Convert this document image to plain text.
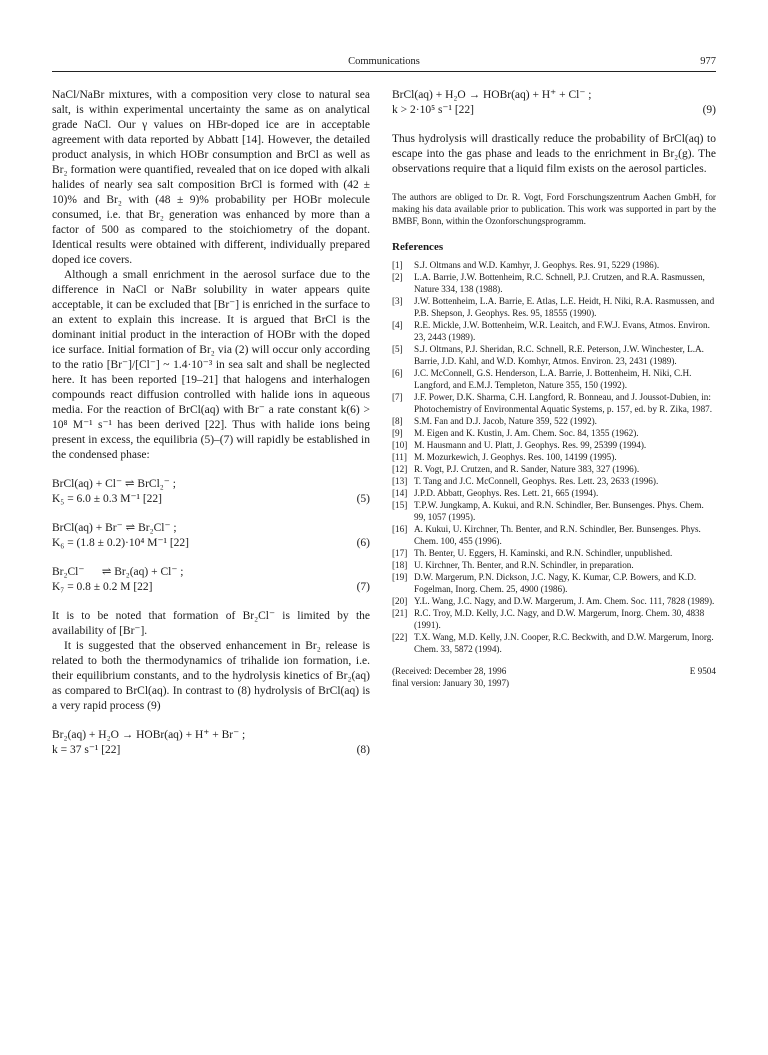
Communications	977

NaCl/NaBr mixtures, with a composition very close to natural sea salt, is within experimental uncertainty the same as on analytical grade NaCl. Our γ values on HBr-doped ice are in acceptable agreement with data reported by Abbatt [14]. However, the detailed product analysis, in which HOBr consumption and BrCl as well as Br₂ formation were quantified, revealed that on ice doped with alkali halides of nearly sea salt composition BrCl is formed with (42 ± 10)% and Br₂ with (48 ± 9)% probability per HOBr molecule consumed, i.e. that Br₂ generation was enhanced by more than a factor of 500 as compared to the stoichiometry of the dopant. Identical results were obtained with different, individually prepared doped ice covers.

Although a small enrichment in the aerosol surface due to the difference in NaCl or NaBr solubility in water appears quite acceptable, it can be excluded that [Br⁻] is enriched in the surface to an extent to explain this increase. It is argued that BrCl is the dominant initial product in the interaction of HOBr with the doped ice surface. Initial formation of Br₂ via (2) will occur only according to the ratio [Br⁻]/[Cl⁻] ~ 1.4·10⁻³ in sea salt and shall be neglected here. It has been reported [19–21] that halogens and interhalogen compounds react diffusion controlled with halide ions in aqueous media. For the reaction of BrCl(aq) with Br⁻ a rate constant k(6) > 10⁸ M⁻¹ s⁻¹ has been derived [22]. Thus with halide ions being present in excess, the equilibria (5)–(7) will rapidly be established in the condensed phase:

BrCl(aq) + Cl⁻ ⇌ BrCl₂⁻ ;

K₅ = 6.0 ± 0.3 M⁻¹ [22]	(5)

BrCl(aq) + Br⁻ ⇌ Br₂Cl⁻ ;

K₆ = (1.8 ± 0.2)·10⁴ M⁻¹ [22]	(6)

Br₂Cl⁻      ⇌ Br₂(aq) + Cl⁻ ;

K₇ = 0.8 ± 0.2 M [22]	(7)

It is to be noted that formation of Br₂Cl⁻ is limited by the availability of [Br⁻].

It is suggested that the observed enhancement in Br₂ release is related to both the thermodynamics of trihalide ion formation, i.e. their equilibrium constants, and to the hydrolysis kinetics of Br₂(aq) as compared to BrCl(aq). In contrast to (8) hydrolysis of BrCl(aq) is a very rapid process (9)

Br₂(aq) + H₂O → HOBr(aq) + H⁺ + Br⁻ ;

k = 37 s⁻¹ [22]	(8)

BrCl(aq) + H₂O → HOBr(aq) + H⁺ + Cl⁻ ;

k > 2·10⁵ s⁻¹ [22]	(9)

Thus hydrolysis will drastically reduce the probability of BrCl(aq) to escape into the gas phase and leads to the enrichment in Br₂(g). The observations require that a liquid film exists on the aerosol particles.

The authors are obliged to Dr. R. Vogt, Ford Forschungszentrum Aachen GmbH, for making his data available prior to publication. This work was supported in part by the BMBF, Bonn, within the Ozonforschungsprogramm.

References

[1]	S.J. Oltmans and W.D. Kamhyr, J. Geophys. Res. 91, 5229 (1986).
[2]	L.A. Barrie, J.W. Bottenheim, R.C. Schnell, P.J. Crutzen, and R.A. Rasmussen, Nature 334, 138 (1988).
[3]	J.W. Bottenheim, L.A. Barrie, E. Atlas, L.E. Heidt, H. Niki, R.A. Rasmussen, and P.B. Shepson, J. Geophys. Res. 95, 18555 (1990).
[4]	R.E. Mickle, J.W. Bottenheim, W.R. Leaitch, and F.W.J. Evans, Atmos. Environ. 23, 2443 (1989).
[5]	S.J. Oltmans, P.J. Sheridan, R.C. Schnell, R.E. Peterson, J.W. Winchester, L.A. Barrie, J.D. Kahl, and W.D. Komhyr, Atmos. Environ. 23, 2431 (1989).
[6]	J.C. McConnell, G.S. Henderson, L.A. Barrie, J. Bottenheim, H. Niki, C.H. Langford, and E.M.J. Templeton, Nature 355, 150 (1992).
[7]	J.F. Power, D.K. Sharma, C.H. Langford, R. Bonneau, and J. Joussot-Dubien, in: Photochemistry of Environmental Aquatic Systems, p. 157, ed. by R. Zika, 1987.
[8]	S.M. Fan and D.J. Jacob, Nature 359, 522 (1992).
[9]	M. Eigen and K. Kustin, J. Am. Chem. Soc. 84, 1355 (1962).
[10] M. Hausmann and U. Platt, J. Geophys. Res. 99, 25399 (1994).
[11] M. Mozurkewich, J. Geophys. Res. 100, 14199 (1995).
[12] R. Vogt, P.J. Crutzen, and R. Sander, Nature 383, 327 (1996).
[13] T. Tang and J.C. McConnell, Geophys. Res. Lett. 23, 2633 (1996).
[14] J.P.D. Abbatt, Geophys. Res. Lett. 21, 665 (1994).
[15] T.P.W. Jungkamp, A. Kukui, and R.N. Schindler, Ber. Bunsenges. Phys. Chem. 99, 1057 (1995).
[16] A. Kukui, U. Kirchner, Th. Benter, and R.N. Schindler, Ber. Bunsenges. Phys. Chem. 100, 455 (1996).
[17] Th. Benter, U. Eggers, H. Kaminski, and R.N. Schindler, unpublished.
[18] U. Kirchner, Th. Benter, and R.N. Schindler, in preparation.
[19] D.W. Margerum, P.N. Dickson, J.C. Nagy, K. Kumar, C.P. Bowers, and K.D. Fogelman, Inorg. Chem. 25, 4900 (1986).
[20] Y.L. Wang, J.C. Nagy, and D.W. Margerum, J. Am. Chem. Soc. 111, 7828 (1989).
[21] R.C. Troy, M.D. Kelly, J.C. Nagy, and D.W. Margerum, Inorg. Chem. 30, 4838 (1991).
[22] T.X. Wang, M.D. Kelly, J.N. Cooper, R.C. Beckwith, and D.W. Margerum, Inorg. Chem. 33, 5872 (1994).
(Received: December 28, 1996
final version: January 30, 1997)
E 9504
